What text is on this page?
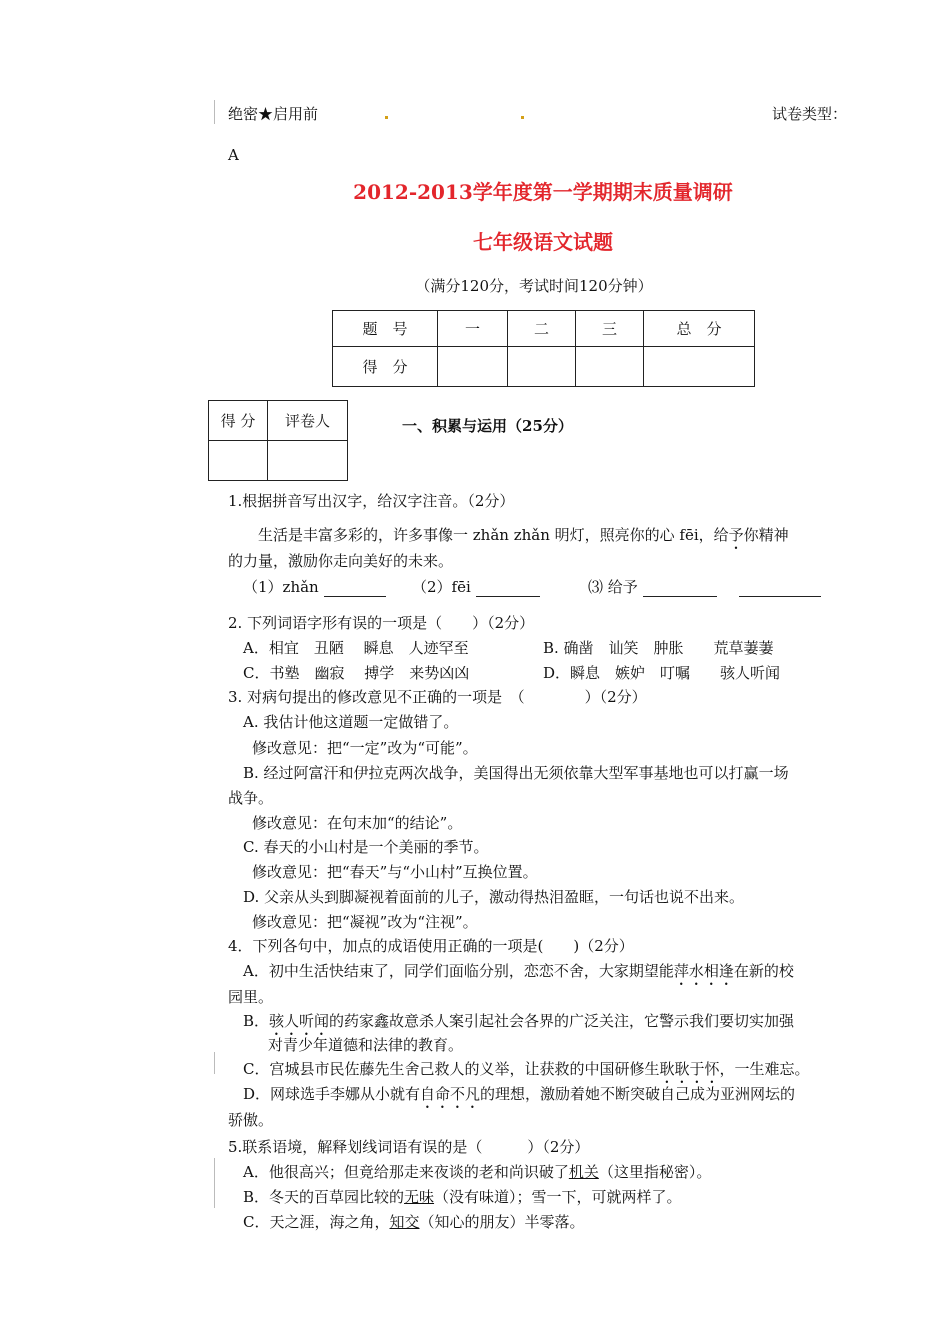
绝密★启用前	试卷类型：
A
2012-2013学年度第一学期期末质量调研
七年级语文试题
（满分120分，考试时间120分钟）
题　号	一	二	三	总　分
得　分				
得 分	评卷人
		一、积累与运用（25分）
1.根据拼音写出汉字，给汉字注音。（2分）
生活是丰富多彩的，许多事像一 zhǎn zhǎn 明灯，照亮你的心 fēi，给予你精神
的力量，激励你走向美好的未来。
（1）zhǎn	（2）fēi	⑶ 给予
2. 下列词语字形有误的一项是（　　）（2分）
A．相宜　丑陋　 瞬息　人迹罕至	B. 确凿　讪笑　肿胀　　荒草萋萋
C．书塾　幽寂　 搏学　来势凶凶	D．瞬息　嫉妒　叮嘱　　骇人听闻
3. 对病句提出的修改意见不正确的一项是　（　　　　）（2分）
A. 我估计他这道题一定做错了。
修改意见：把“一定”改为“可能”。
B. 经过阿富汗和伊拉克两次战争，美国得出无须依靠大型军事基地也可以打赢一场
战争。
修改意见：在句末加“的结论”。
C. 春天的小山村是一个美丽的季节。
修改意见：把“春天”与“小山村”互换位置。
D. 父亲从头到脚凝视着面前的儿子，激动得热泪盈眶，一句话也说不出来。
修改意见：把“凝视”改为“注视”。
4．下列各句中，加点的成语使用正确的一项是(　　)（2分）
A．初中生活快结束了，同学们面临分别，恋恋不舍，大家期望能萍水相逢在新的校
园里。
B．骇人听闻的药家鑫故意杀人案引起社会各界的广泛关注，它警示我们要切实加强
对青少年道德和法律的教育。
C．宫城县市民佐藤先生舍己救人的义举，让获救的中国研修生耿耿于怀，一生难忘。
D．网球选手李娜从小就有自命不凡的理想，激励着她不断突破自己成为亚洲网坛的
骄傲。
5.联系语境，解释划线词语有误的是（　　　）（2分）
A．他很高兴；但竟给那走来夜谈的老和尚识破了机关（这里指秘密）。
B．冬天的百草园比较的无味（没有味道）；雪一下，可就两样了。
C．天之涯，海之角，知交（知心的朋友）半零落。
